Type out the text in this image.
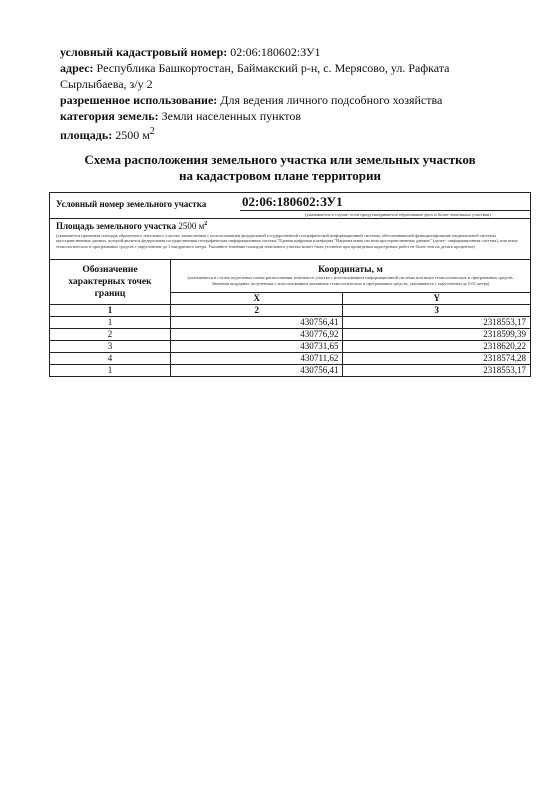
условный кадастровый номер: 02:06:180602:ЗУ1

адрес: Республика Башкортостан, Баймакский р-н, с. Мерясово, ул. Рафката
Сырлыбаева, з/у 2

разрешенное использование: Для ведения личного подсобного хозяйства

категория земель: Земли населенных пунктов

площадь: 2500 $м^2$

Схема расположения земельного участка или земельных участков
на кадастровом плане территории
Условный номер земельного участка	02:06:180602:ЗУ1
(указывается в случае, если предусматривается образование двух и более земельных участков)
Площадь земельного участка 2500 $м^2$
(указывается проектная площадь образуемого земельного участка, вычисленная с использованием федеральной государственной географической информационной системы, обеспечивающей функционирование национальной системы пространственных данных, которой является федеральная государственная географическая информационная система "Единая цифровая платформа "Национальная система пространственных данных" (далее - информационная система), или иных технологических и программных средств с округлением до 1 квадратного метра. Указанное значение площади земельного участка может быть уточнено при проведении кадастровых работ не более чем на десять процентов)
Обозначение характерных точек границ	Координаты, м
(указываются в случае подготовки схемы расположения земельного участка с использованием информационной системы или иных технологических и программных средств. Значения координат, полученные с использованием указанных технологических и программных средств, указываются с округлением до 0,01 метра)	

	X	Y
1	2	3
1	430756,41	2318553,17
2	430776,92	2318599,39
3	430731,65	2318620,22
4	430711,62	2318574,28
1	430756,41	2318553,17
